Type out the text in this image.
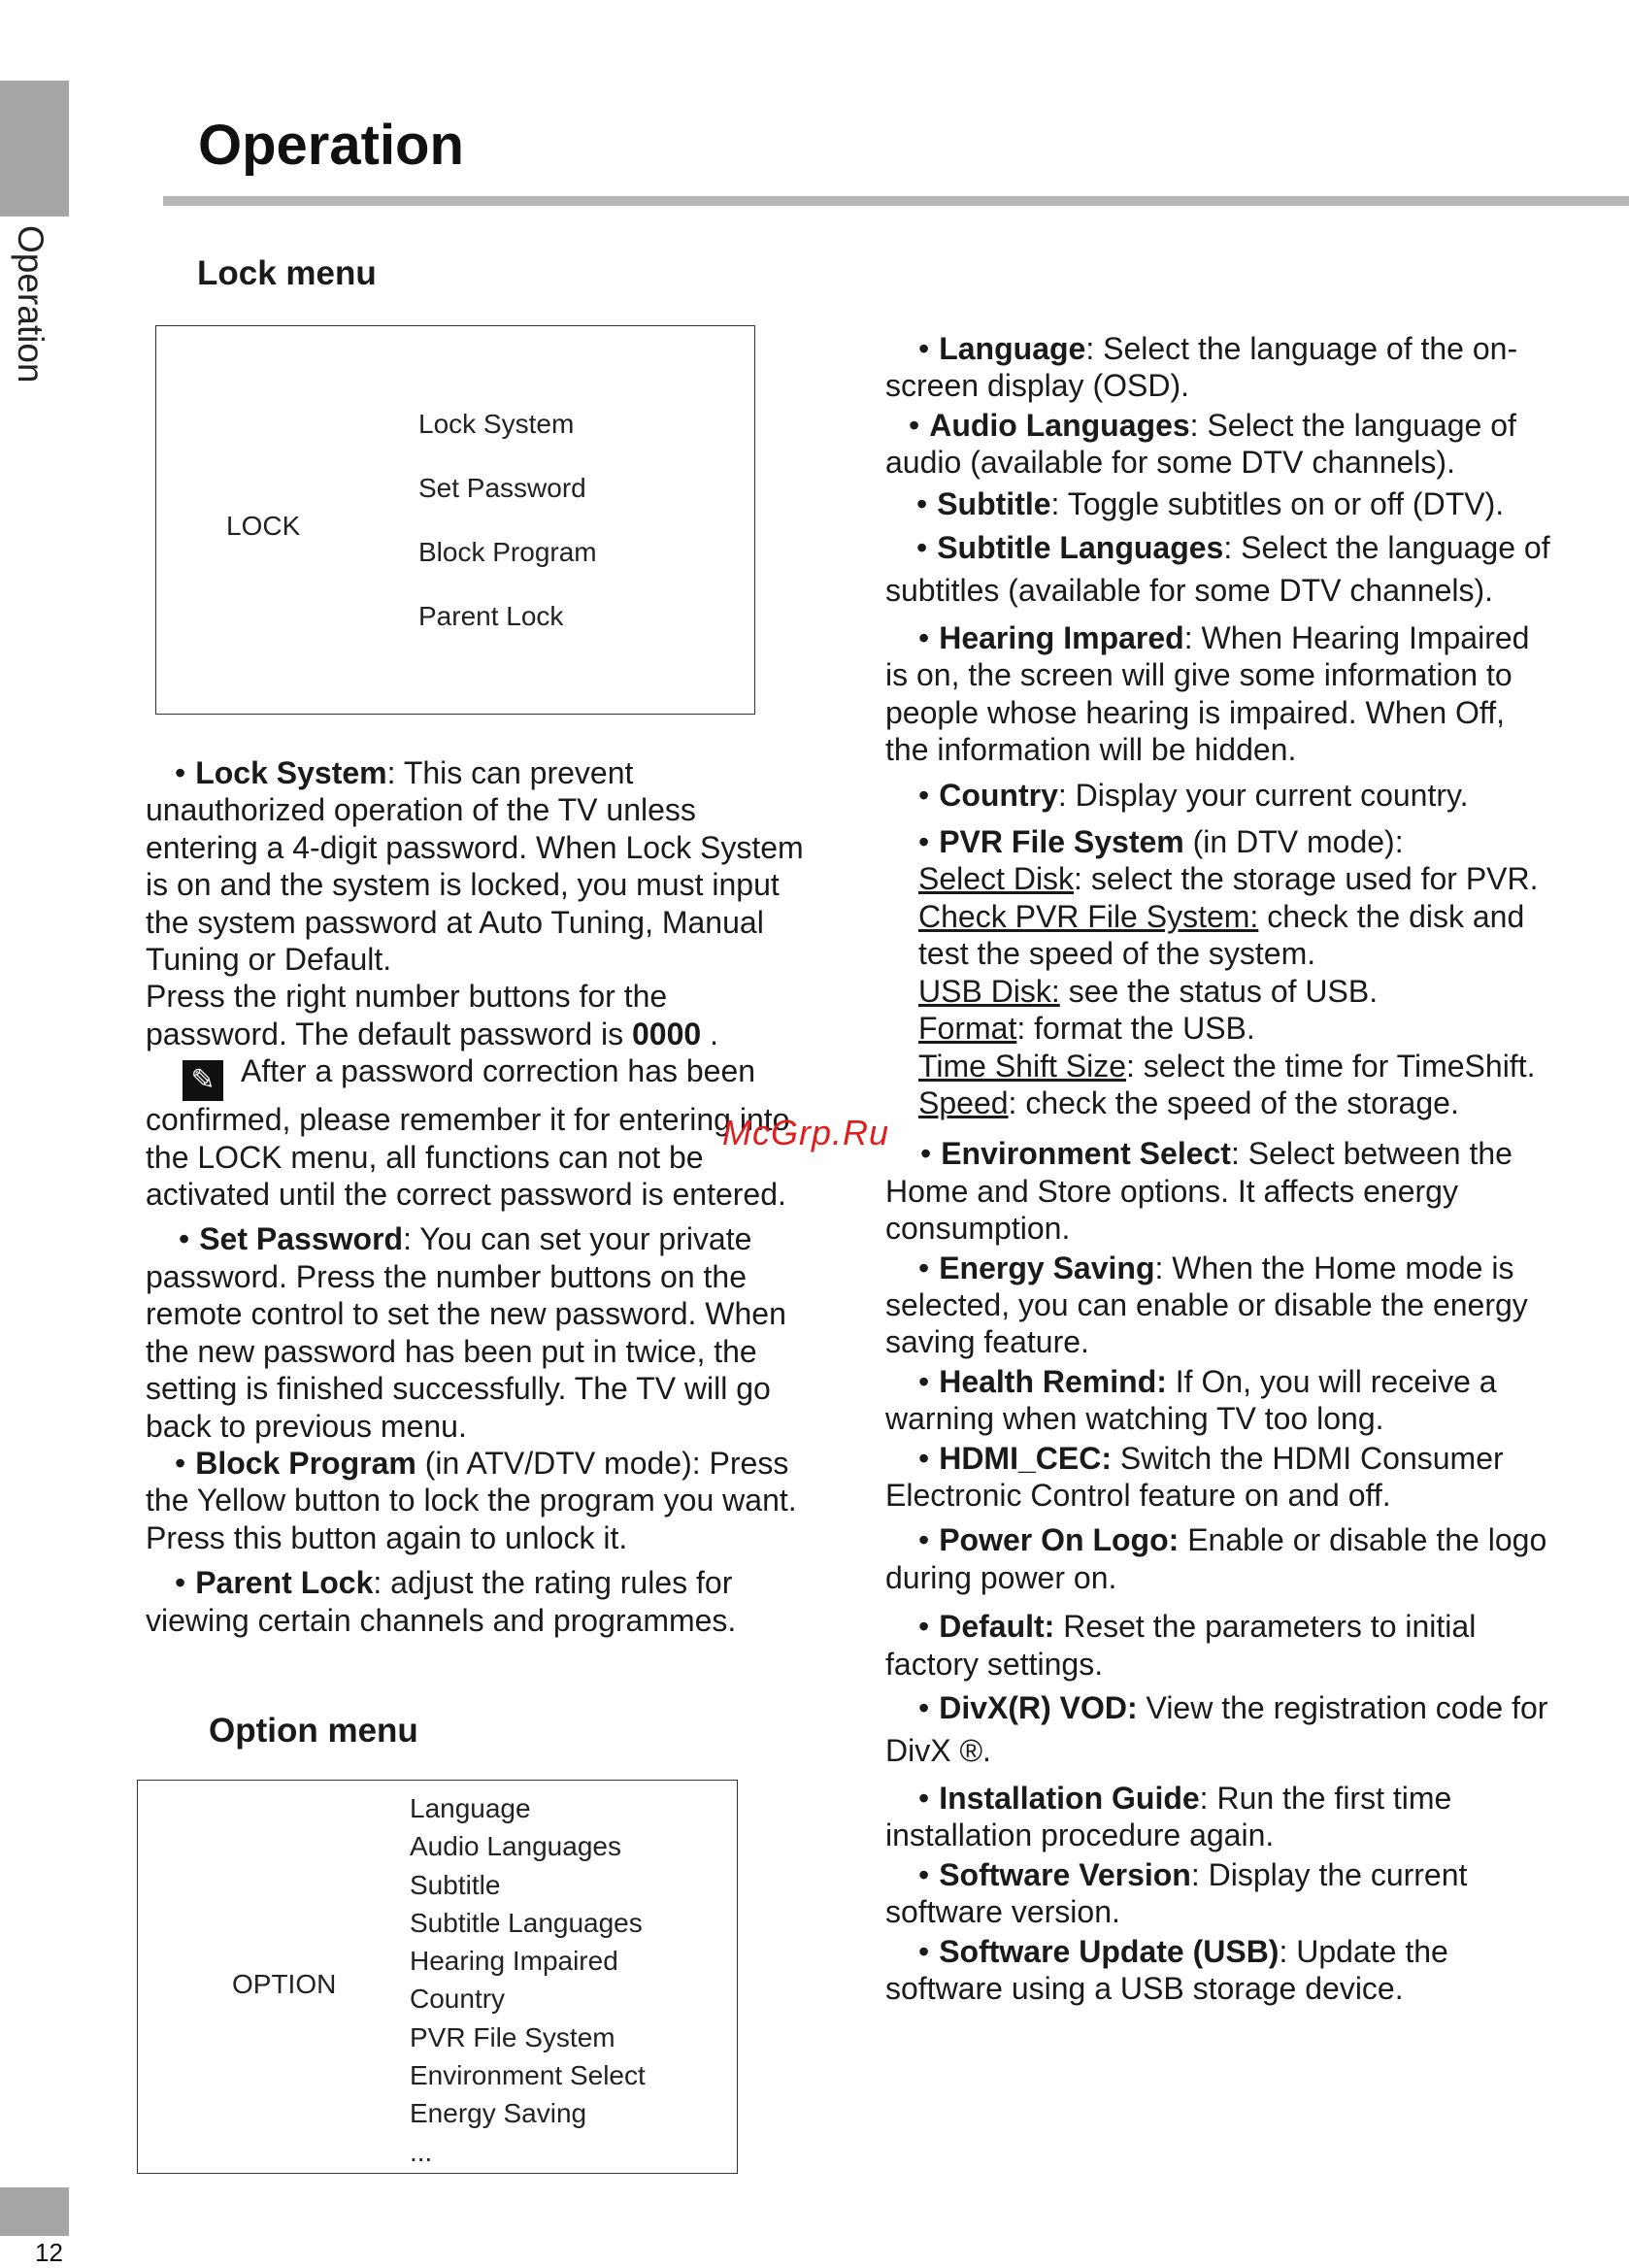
Operation
12
Operation
Lock menu
LOCK
Lock System
Set Password
Block Program
Parent Lock

• Lock System: This can prevent unauthorized operation of the TV unless entering a 4-digit password. When Lock System is on and the system is locked, you must input the system password at Auto Tuning, Manual Tuning or Default.

Press the right number buttons for the password. The default password is 0000 .

✎ After a password correction has been confirmed, please remember it for entering into the LOCK menu, all functions can not be activated until the correct password is entered.

• Set Password: You can set your private password. Press the number buttons on the remote control to set the new password. When the new password has been put in twice, the setting is finished successfully. The TV will go back to previous menu.

• Block Program (in ATV/DTV mode): Press the Yellow button to lock the program you want. Press this button again to unlock it.

• Parent Lock: adjust the rating rules for viewing certain channels and programmes.

Option menu
OPTION
Language
Audio Languages
Subtitle
Subtitle Languages
Hearing Impaired
Country
PVR File System
Environment Select
Energy Saving
...

• Language: Select the language of the on-screen display (OSD).

• Audio Languages: Select the language of audio (available for some DTV channels).

• Subtitle: Toggle subtitles on or off (DTV).

• Subtitle Languages: Select the language of subtitles (available for some DTV channels).

• Hearing Impared: When Hearing Impaired is on, the screen will give some information to people whose hearing is impaired. When Off, the information will be hidden.

• Country: Display your current country.

• PVR File System (in DTV mode):
Select Disk: select the storage used for PVR.
Check PVR File System: check the disk and test the speed of the system.
USB Disk: see the status of USB.
Format: format the USB.
Time Shift Size: select the time for TimeShift.
Speed: check the speed of the storage.

• Environment Select: Select between the Home and Store options. It affects energy consumption.

• Energy Saving: When the Home mode is selected, you can enable or disable the energy saving feature.

• Health Remind: If On, you will receive a warning when watching TV too long.

• HDMI_CEC: Switch the HDMI Consumer Electronic Control feature on and off.

• Power On Logo: Enable or disable the logo during power on.

• Default: Reset the parameters to initial factory settings.

• DivX(R) VOD: View the registration code for DivX ®.

• Installation Guide: Run the first time installation procedure again.

• Software Version: Display the current software version.

• Software Update (USB): Update the software using a USB storage device.

McGrp.Ru
